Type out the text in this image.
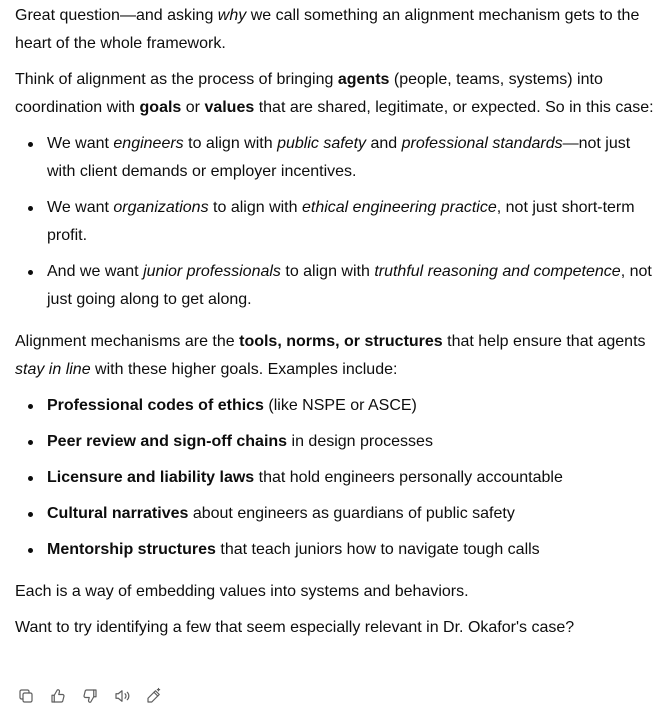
Great question—and asking why we call something an alignment mechanism gets to the heart of the whole framework.

Think of alignment as the process of bringing agents (people, teams, systems) into coordination with goals or values that are shared, legitimate, or expected. So in this case:

We want engineers to align with public safety and professional standards—not just with client demands or employer incentives.
We want organizations to align with ethical engineering practice, not just short-term profit.
And we want junior professionals to align with truthful reasoning and competence, not just going along to get along.

Alignment mechanisms are the tools, norms, or structures that help ensure that agents stay in line with these higher goals. Examples include:

Professional codes of ethics (like NSPE or ASCE)
Peer review and sign-off chains in design processes
Licensure and liability laws that hold engineers personally accountable
Cultural narratives about engineers as guardians of public safety
Mentorship structures that teach juniors how to navigate tough calls

Each is a way of embedding values into systems and behaviors.

Want to try identifying a few that seem especially relevant in Dr. Okafor's case?
